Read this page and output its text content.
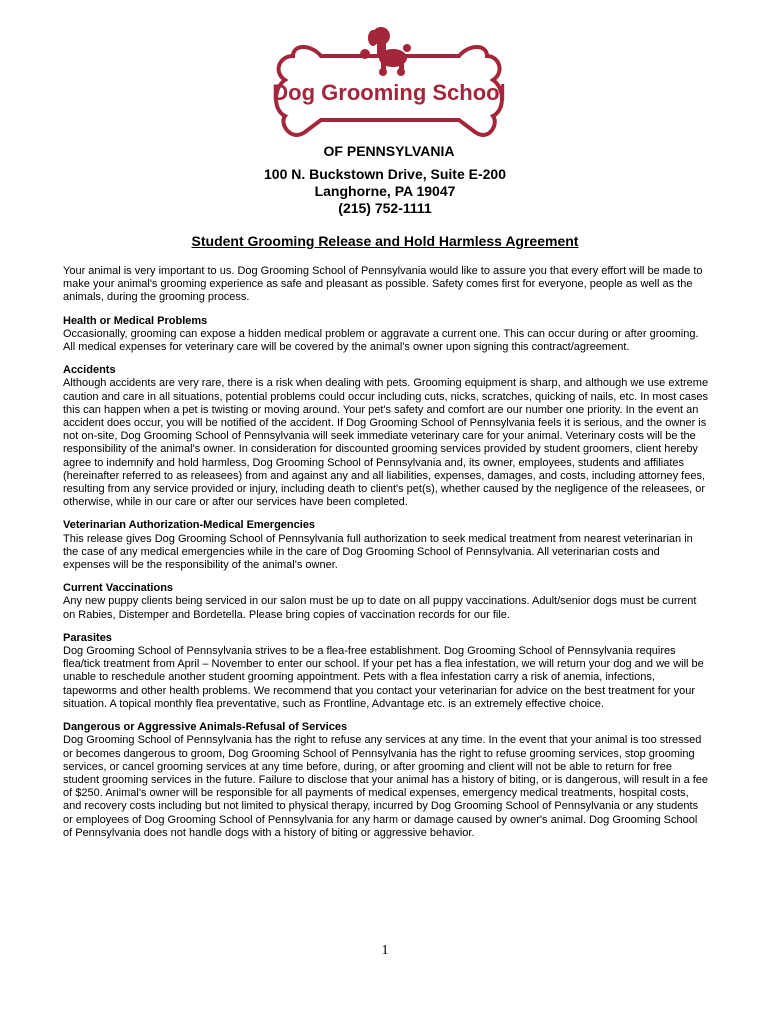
Dog Grooming School
OF PENNSYLVANIA
100 N. Buckstown Drive, Suite E-200
Langhorne, PA 19047
(215) 752-1111
Student Grooming Release and Hold Harmless Agreement

Your animal is very important to us. Dog Grooming School of Pennsylvania would like to assure you that every effort will be made to make your animal's grooming experience as safe and pleasant as possible. Safety comes first for everyone, people as well as the animals, during the grooming process.

Health or Medical Problems

Occasionally, grooming can expose a hidden medical problem or aggravate a current one. This can occur during or after grooming. All medical expenses for veterinary care will be covered by the animal's owner upon signing this contract/agreement.

Accidents

Although accidents are very rare, there is a risk when dealing with pets. Grooming equipment is sharp, and although we use extreme caution and care in all situations, potential problems could occur including cuts, nicks, scratches, quicking of nails, etc. In most cases this can happen when a pet is twisting or moving around. Your pet's safety and comfort are our number one priority. In the event an accident does occur, you will be notified of the accident. If Dog Grooming School of Pennsylvania feels it is serious, and the owner is not on-site, Dog Grooming School of Pennsylvania will seek immediate veterinary care for your animal. Veterinary costs will be the responsibility of the animal's owner. In consideration for discounted grooming services provided by student groomers, client hereby agree to indemnify and hold harmless, Dog Grooming School of Pennsylvania and, its owner, employees, students and affiliates (hereinafter referred to as releasees) from and against any and all liabilities, expenses, damages, and costs, including attorney fees, resulting from any service provided or injury, including death to client's pet(s), whether caused by the negligence of the releasees, or otherwise, while in our care or after our services have been completed.

Veterinarian Authorization-Medical Emergencies

This release gives Dog Grooming School of Pennsylvania full authorization to seek medical treatment from nearest veterinarian in the case of any medical emergencies while in the care of Dog Grooming School of Pennsylvania. All veterinarian costs and expenses will be the responsibility of the animal's owner.

Current Vaccinations

Any new puppy clients being serviced in our salon must be up to date on all puppy vaccinations. Adult/senior dogs must be current on Rabies, Distemper and Bordetella. Please bring copies of vaccination records for our file.

Parasites

Dog Grooming School of Pennsylvania strives to be a flea-free establishment. Dog Grooming School of Pennsylvania requires flea/tick treatment from April – November to enter our school. If your pet has a flea infestation, we will return your dog and we will be unable to reschedule another student grooming appointment. Pets with a flea infestation carry a risk of anemia, infections, tapeworms and other health problems. We recommend that you contact your veterinarian for advice on the best treatment for your situation. A topical monthly flea preventative, such as Frontline, Advantage etc. is an extremely effective choice.

Dangerous or Aggressive Animals-Refusal of Services

Dog Grooming School of Pennsylvania has the right to refuse any services at any time. In the event that your animal is too stressed or becomes dangerous to groom, Dog Grooming School of Pennsylvania has the right to refuse grooming services, stop grooming services, or cancel grooming services at any time before, during, or after grooming and client will not be able to return for free student grooming services in the future. Failure to disclose that your animal has a history of biting, or is dangerous, will result in a fee of $250. Animal's owner will be responsible for all payments of medical expenses, emergency medical treatments, hospital costs, and recovery costs including but not limited to physical therapy, incurred by Dog Grooming School of Pennsylvania or any students or employees of Dog Grooming School of Pennsylvania for any harm or damage caused by owner's animal. Dog Grooming School of Pennsylvania does not handle dogs with a history of biting or aggressive behavior.

1
